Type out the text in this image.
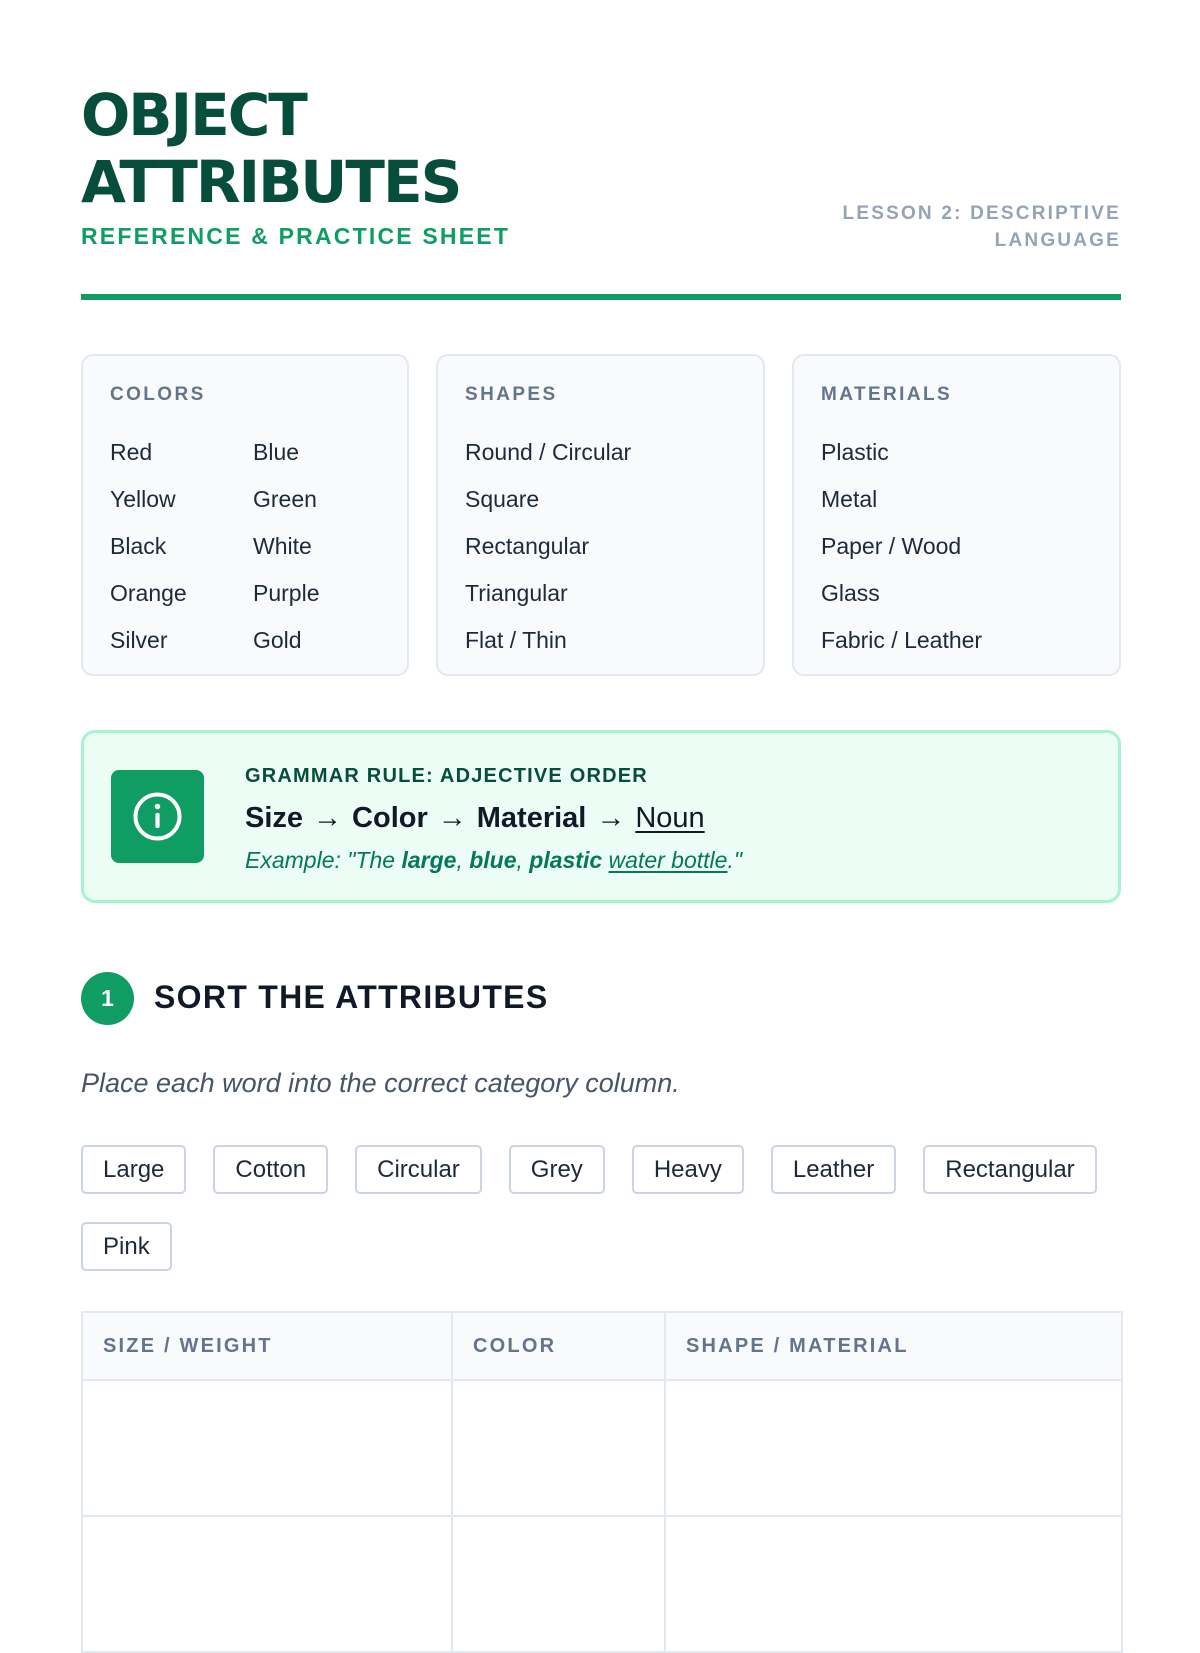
OBJECT
ATTRIBUTES
REFERENCE & PRACTICE SHEET
LESSON 2: DESCRIPTIVE
LANGUAGE
COLORS
Red	Blue
Yellow	Green
Black	White
Orange	Purple
Silver	Gold
SHAPES
Round / Circular
Square
Rectangular
Triangular
Flat / Thin
MATERIALS
Plastic
Metal
Paper / Wood
Glass
Fabric / Leather
GRAMMAR RULE: ADJECTIVE ORDER
Size → Color → Material → Noun
Example: "The large, blue, plastic water bottle."
1	SORT THE ATTRIBUTES
Place each word into the correct category column.
Large	Cotton	Circular	Grey	Heavy	Leather	Rectangular
Pink
SIZE / WEIGHT	COLOR	SHAPE / MATERIAL
